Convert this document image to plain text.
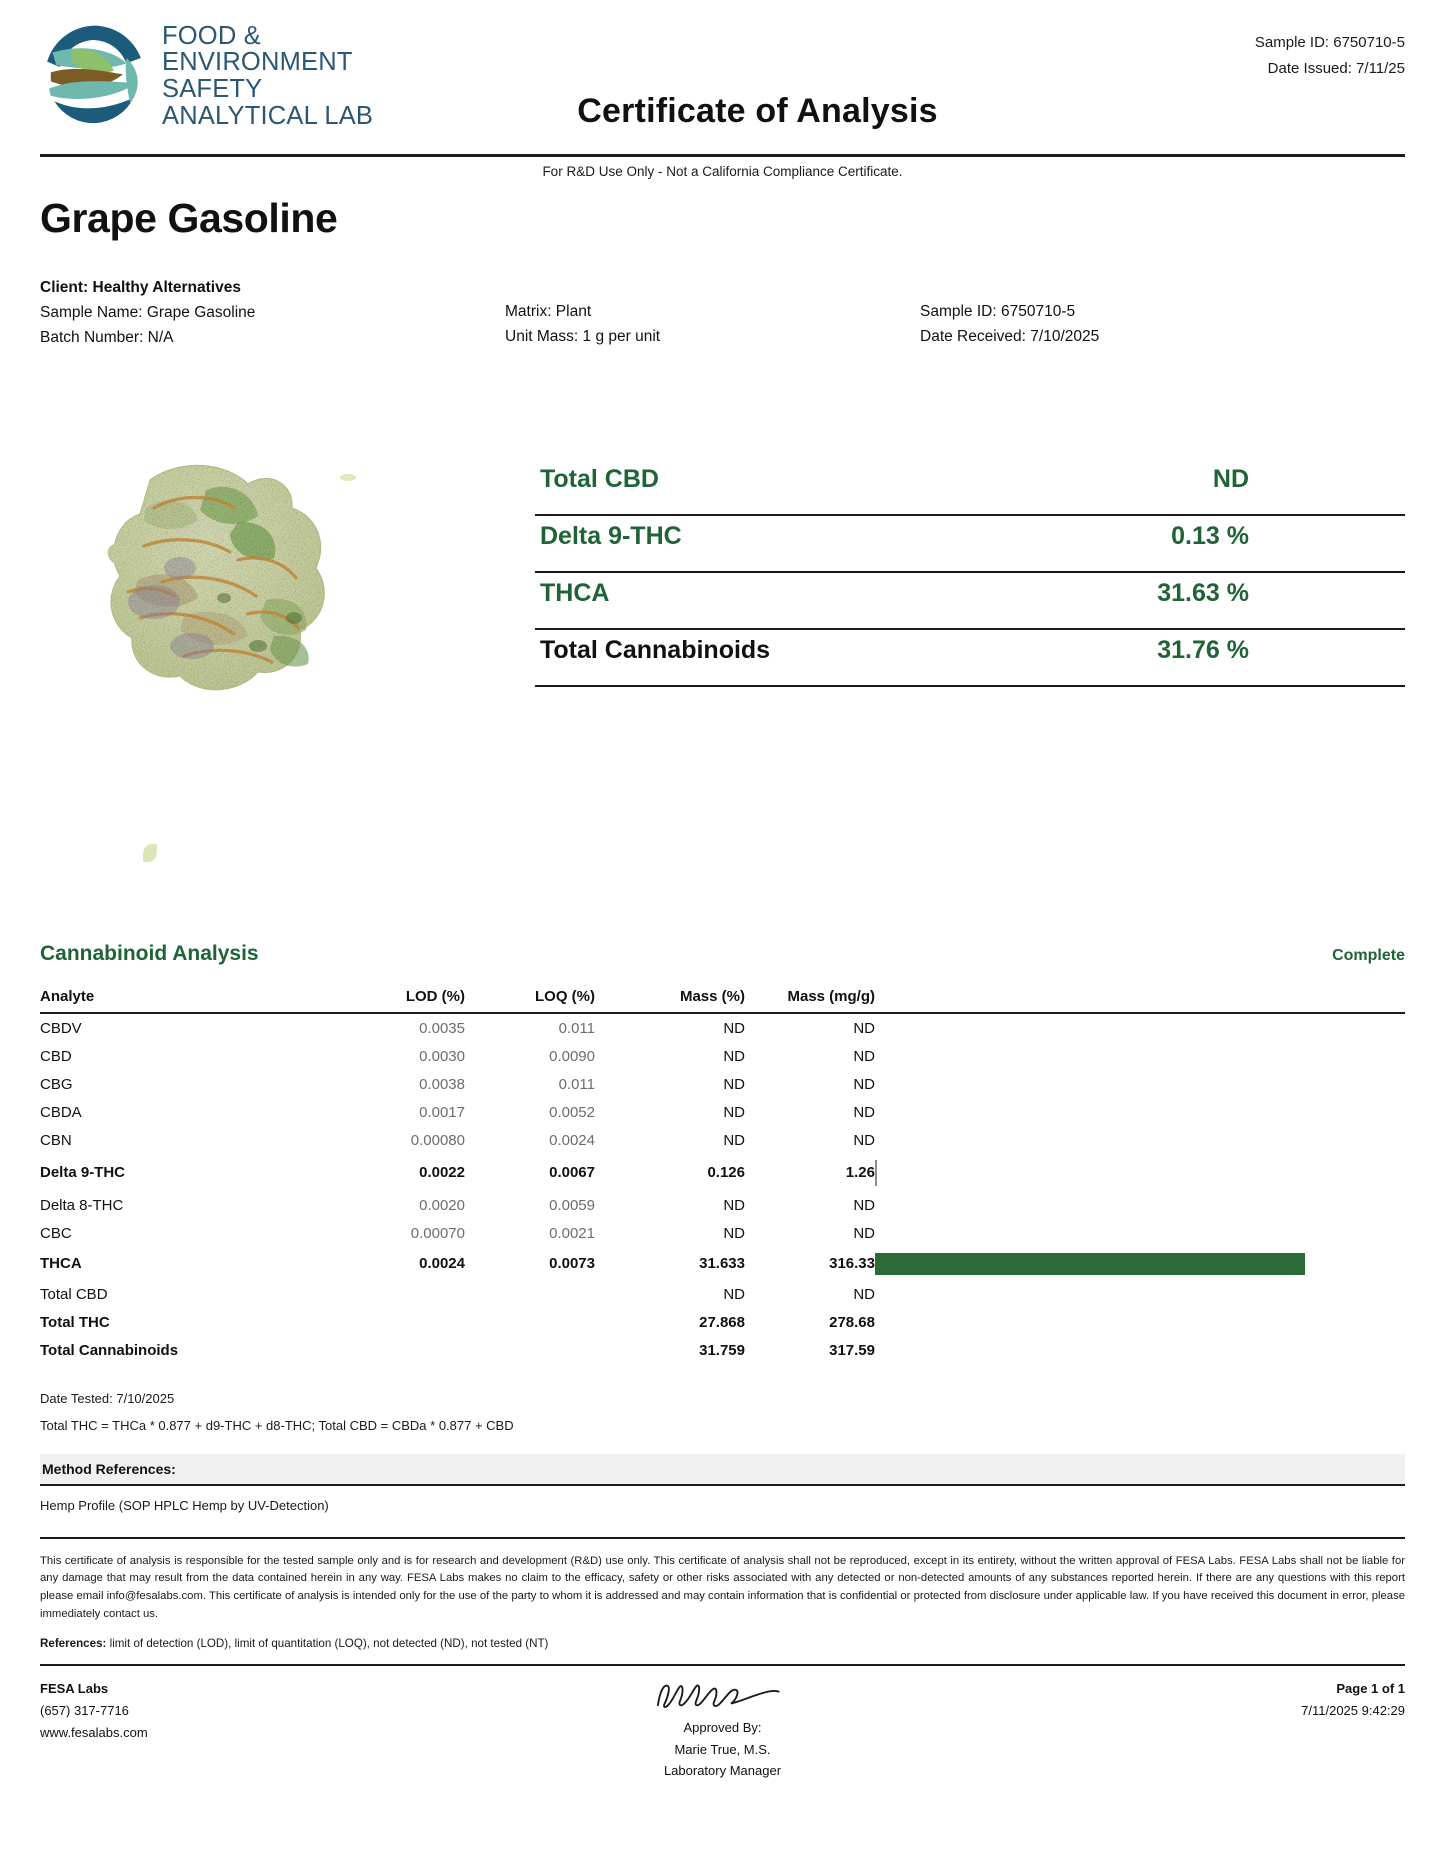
FOOD &
ENVIRONMENT
SAFETY
ANALYTICAL LAB	Certificate of Analysis
Sample ID: 6750710-5
Date Issued: 7/11/25
For R&D Use Only - Not a California Compliance Certificate.
Grape Gasoline
Client: Healthy Alternatives
Sample Name: Grape Gasoline
Batch Number: N/A
Matrix: Plant
Unit Mass: 1 g per unit
Sample ID: 6750710-5
Date Received: 7/10/2025
Total CBD	ND
Delta 9-THC	0.13 %
THCA	31.63 %
Total Cannabinoids	31.76 %
Cannabinoid Analysis	Complete
Analyte	LOD (%)	LOQ (%)	Mass (%)	Mass (mg/g)	
CBDV	0.0035	0.011	ND	ND	
CBD	0.0030	0.0090	ND	ND	
CBG	0.0038	0.011	ND	ND	
CBDA	0.0017	0.0052	ND	ND	
CBN	0.00080	0.0024	ND	ND	
Delta 9-THC	0.0022	0.0067	0.126	1.26	

Delta 8-THC	0.0020	0.0059	ND	ND	
CBC	0.00070	0.0021	ND	ND	
THCA	0.0024	0.0073	31.633	316.33	

Total CBD			ND	ND	
Total THC			27.868	278.68	
Total Cannabinoids			31.759	317.59	
Date Tested: 7/10/2025
Total THC = THCa * 0.877 + d9-THC + d8-THC; Total CBD = CBDa * 0.877 + CBD
Method References:
Hemp Profile (SOP HPLC Hemp by UV-Detection)
This certificate of analysis is responsible for the tested sample only and is for research and development (R&D) use only. This certificate of analysis shall not be reproduced, except in its entirety, without the written approval of FESA Labs. FESA Labs shall not be liable for any damage that may result from the data contained herein in any way. FESA Labs makes no claim to the efficacy, safety or other risks associated with any detected or non-detected amounts of any substances reported herein. If there are any questions with this report please email info@fesalabs.com. This certificate of analysis is intended only for the use of the party to whom it is addressed and may contain information that is confidential or protected from disclosure under applicable law. If you have received this document in error, please immediately contact us.
References: limit of detection (LOD), limit of quantitation (LOQ), not detected (ND), not tested (NT)
FESA Labs
(657) 317-7716
www.fesalabs.com	Approved By:
Marie True, M.S.
Laboratory Manager
Page 1 of 1
7/11/2025 9:42:29
